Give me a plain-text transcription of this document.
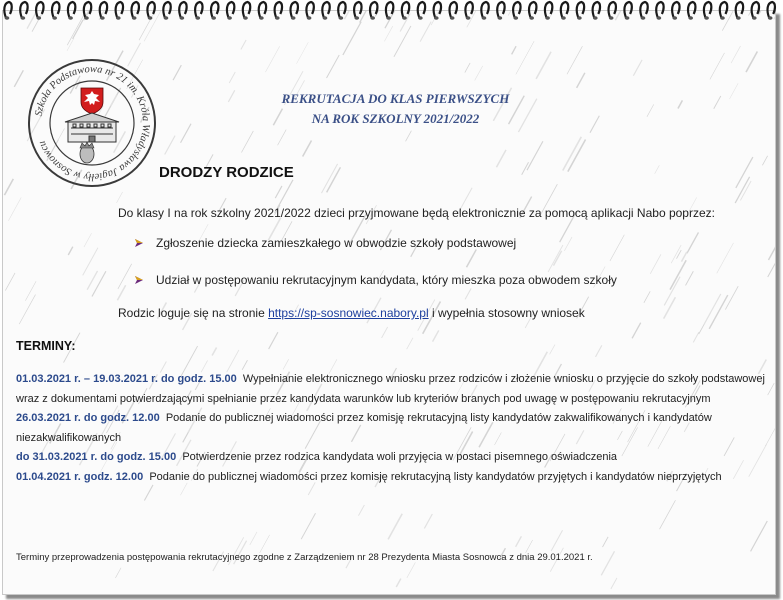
Szkoła Podstawowa nr 21 im. Króla Władysława Jagiełły w Sosnowcu
REKRUTACJA DO KLAS PIERWSZYCH
NA ROK SZKOLNY 2021/2022

DRODZY RODZICE

Do klasy I na rok szkolny 2021/2022 dzieci przyjmowane będą elektronicznie za pomocą aplikacji Nabo poprzez:

Zgłoszenie dziecka zamieszkałego w obwodzie szkoły podstawowej
Udział w postępowaniu rekrutacyjnym kandydata, który mieszka poza obwodem szkoły

Rodzic loguje się na stronie https://sp-sosnowiec.nabory.pl i wypełnia stosowny wniosek

TERMINY:

01.03.2021 r. – 19.03.2021 r. do godz. 15.00 Wypełnianie elektronicznego wniosku przez rodziców i złożenie wniosku o przyjęcie do szkoły podstawowej wraz z dokumentami potwierdzającymi spełnianie przez kandydata warunków lub kryteriów branych pod uwagę w postępowaniu rekrutacyjnym

26.03.2021 r. do godz. 12.00 Podanie do publicznej wiadomości przez komisję rekrutacyjną listy kandydatów zakwalifikowanych i kandydatów niezakwalifikowanych

do 31.03.2021 r. do godz. 15.00 Potwierdzenie przez rodzica kandydata woli przyjęcia w postaci pisemnego oświadczenia

01.04.2021 r. godz. 12.00 Podanie do publicznej wiadomości przez komisję rekrutacyjną listy kandydatów przyjętych i kandydatów nieprzyjętych

Terminy przeprowadzenia postępowania rekrutacyjnego zgodne z Zarządzeniem nr 28 Prezydenta Miasta Sosnowca z dnia 29.01.2021 r.
